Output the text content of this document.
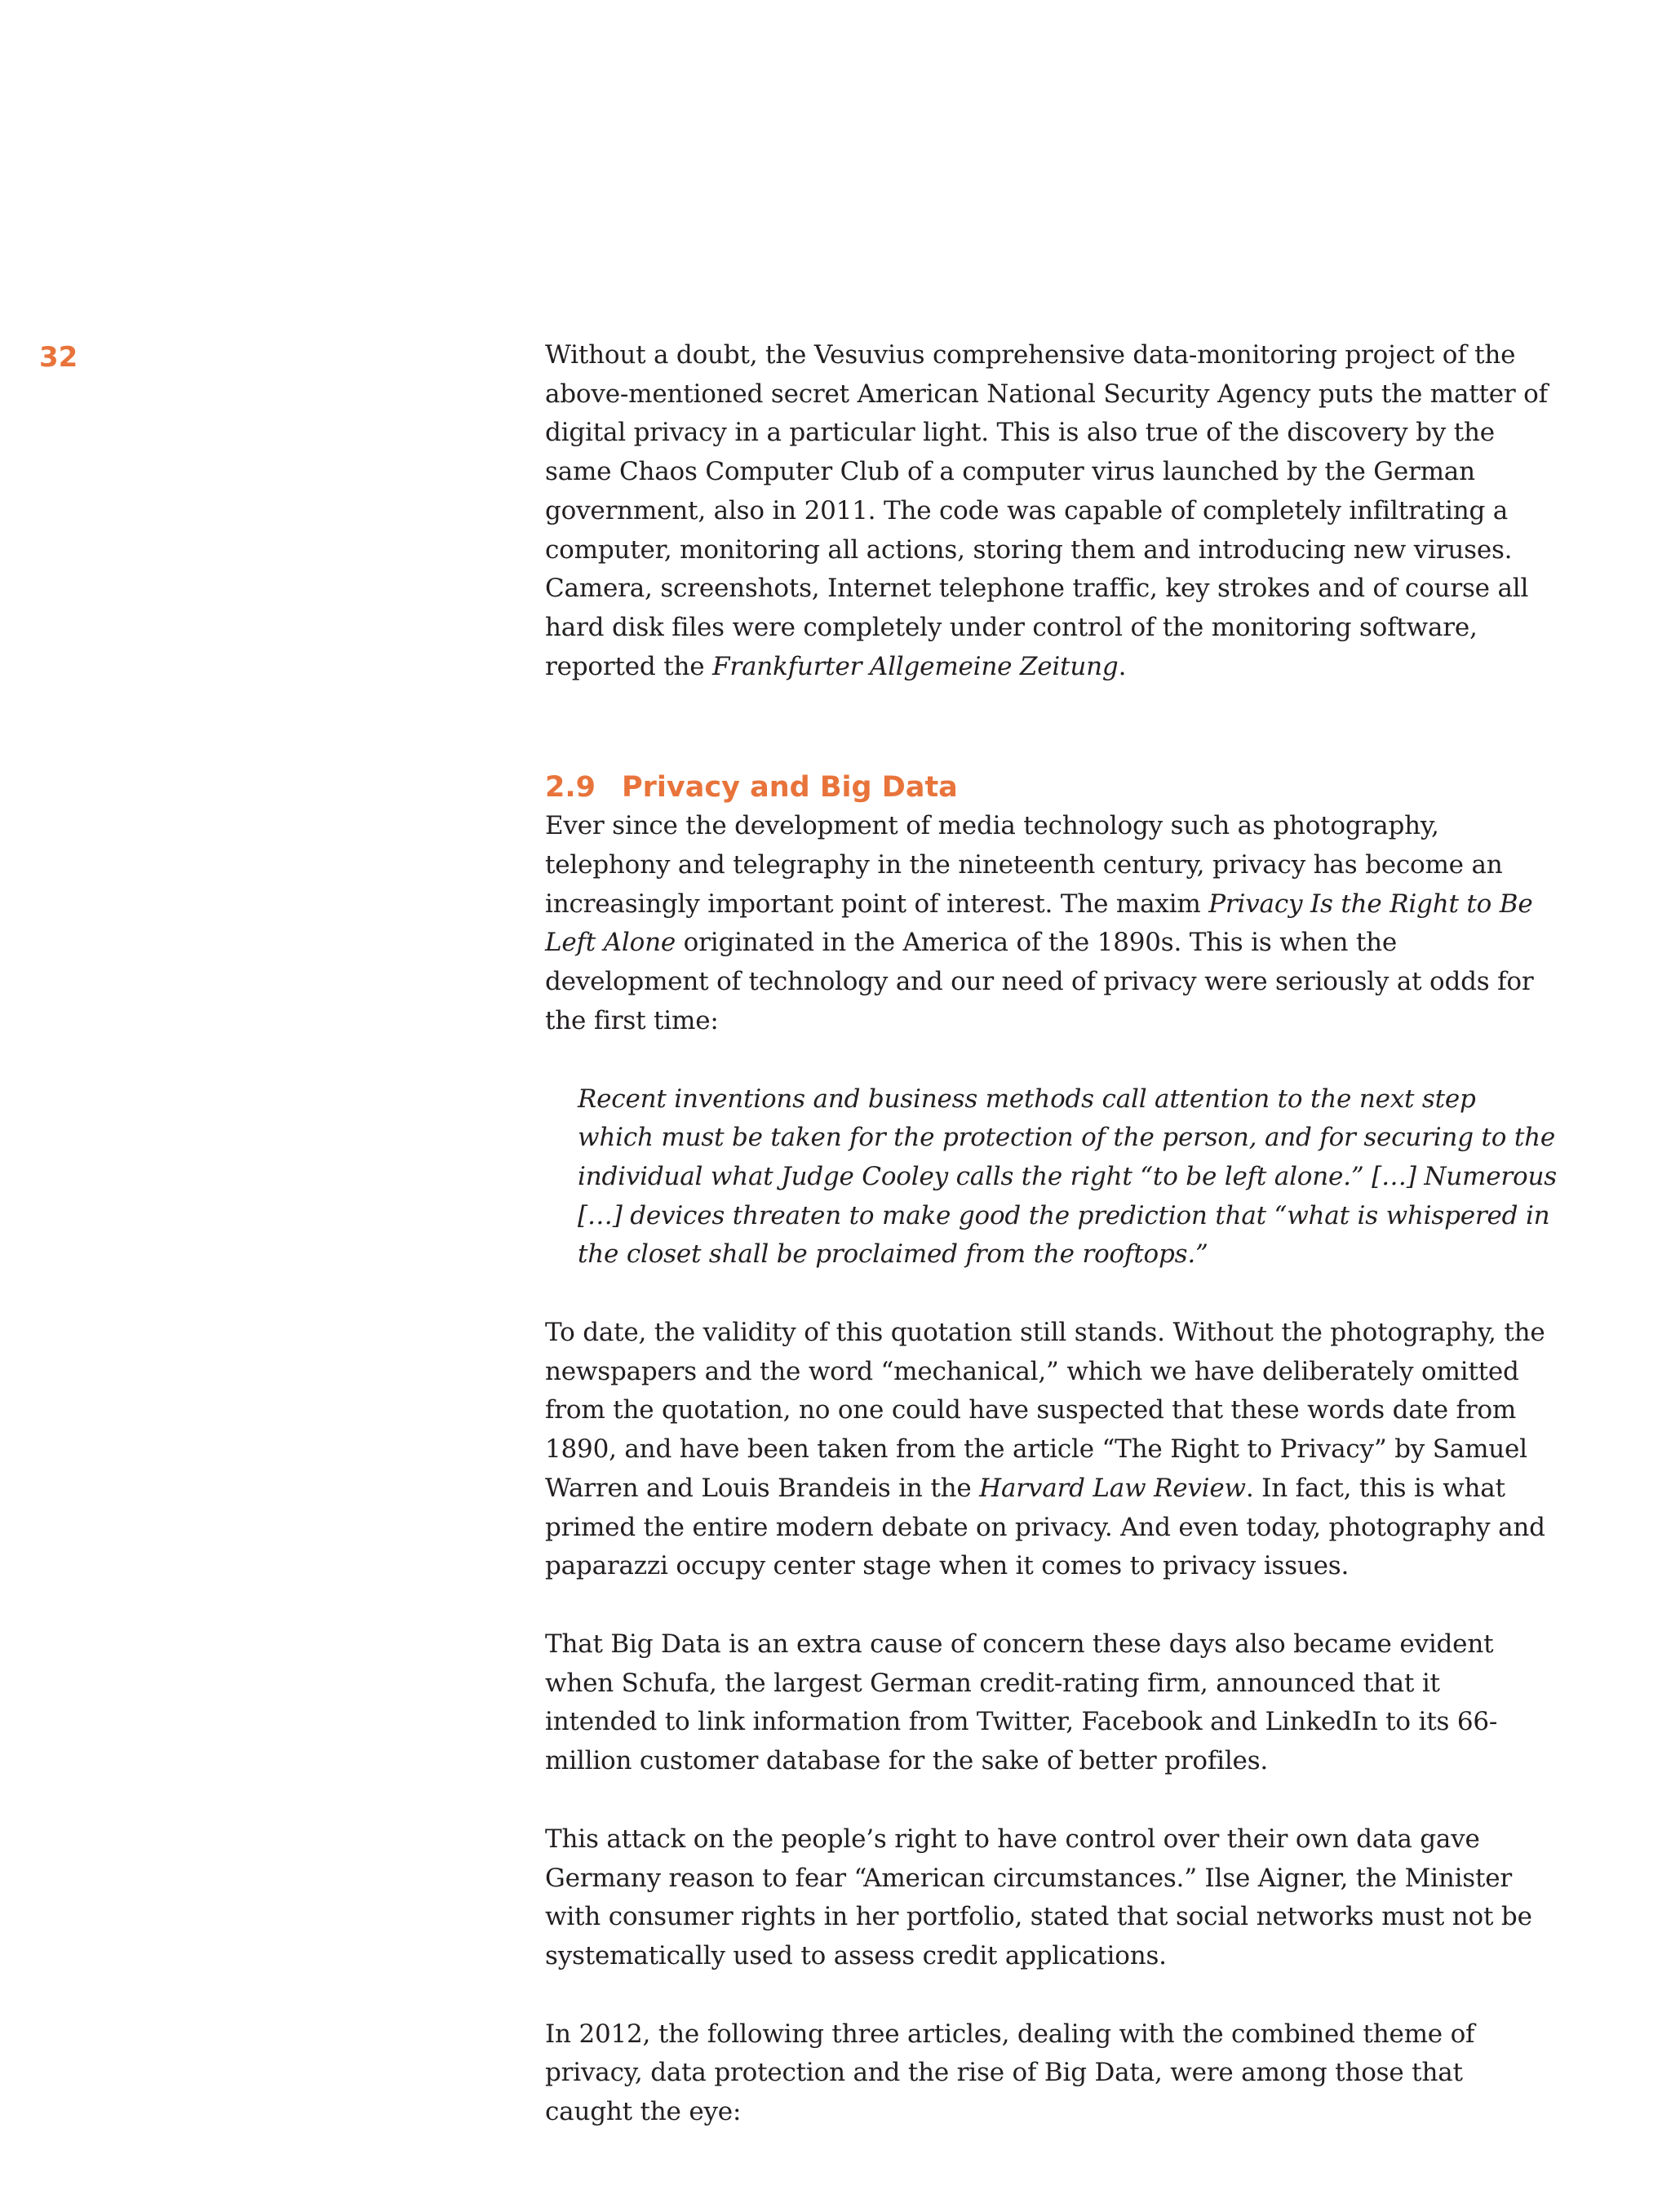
32	Without a doubt, the Vesuvius comprehensive data-monitoring project of the above-mentioned secret American National Security Agency puts the matter of digital privacy in a particular light. This is also true of the discovery by the same Chaos Computer Club of a computer virus launched by the German government, also in 2011. The code was capable of completely infiltrating a computer, monitoring all actions, storing them and introducing new viruses. Camera, screenshots, Internet telephone traffic, key strokes and of course all hard disk files were completely under control of the monitoring software, reported the Frankfurter Allgemeine Zeitung.

2.9 Privacy and Big Data

Ever since the development of media technology such as photography, telephony and telegraphy in the nineteenth century, privacy has become an increasingly important point of interest. The maxim Privacy Is the Right to Be Left Alone originated in the America of the 1890s. This is when the development of technology and our need of privacy were seriously at odds for the first time:

Recent inventions and business methods call attention to the next step which must be taken for the protection of the person, and for securing to the individual what Judge Cooley calls the right “to be left alone.” […] Numerous […] devices threaten to make good the prediction that “what is whispered in the closet shall be proclaimed from the rooftops.”

To date, the validity of this quotation still stands. Without the photography, the newspapers and the word “mechanical,” which we have deliberately omitted from the quotation, no one could have suspected that these words date from 1890, and have been taken from the article “The Right to Privacy” by Samuel Warren and Louis Brandeis in the Harvard Law Review. In fact, this is what primed the entire modern debate on privacy. And even today, photography and paparazzi occupy center stage when it comes to privacy issues.

That Big Data is an extra cause of concern these days also became evident when Schufa, the largest German credit-rating firm, announced that it intended to link information from Twitter, Facebook and LinkedIn to its 66-million customer database for the sake of better profiles.

This attack on the people’s right to have control over their own data gave Germany reason to fear “American circumstances.” Ilse Aigner, the Minister with consumer rights in her portfolio, stated that social networks must not be systematically used to assess credit applications.

In 2012, the following three articles, dealing with the combined theme of privacy, data protection and the rise of Big Data, were among those that caught the eye:
